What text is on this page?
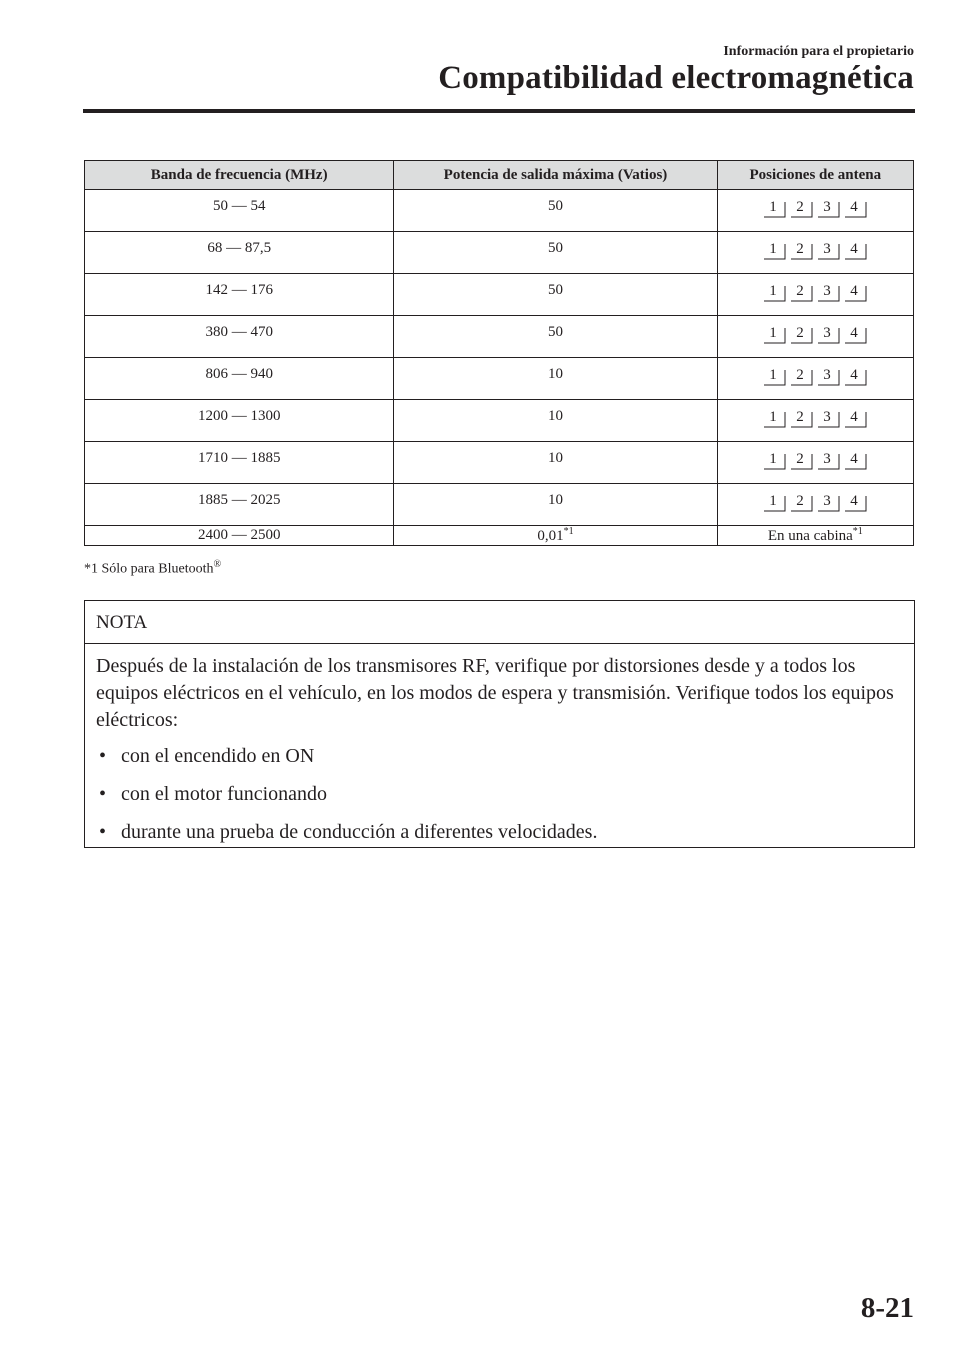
Información para el propietario
Compatibilidad electromagnética
Banda de frecuencia (MHz)	Potencia de salida máxima (Vatios)	Posiciones de antena
50 — 54	50	1 2 3 4

68 — 87,5	50	1 2 3 4

142 — 176	50	1 2 3 4

380 — 470	50	1 2 3 4

806 — 940	10	1 2 3 4

1200 — 1300	10	1 2 3 4

1710 — 1885	10	1 2 3 4

1885 — 2025	10	1 2 3 4

2400 — 2500	0,01$^{*1}$	En una cabina$^{*1}$
*1 Sólo para Bluetooth®
NOTA

Después de la instalación de los transmisores RF, verifique por distorsiones desde y a todos los equipos eléctricos en el vehículo, en los modos de espera y transmisión. Verifique todos los equipos eléctricos:

• con el encendido en ON
• con el motor funcionando
• durante una prueba de conducción a diferentes velocidades.
8-21
